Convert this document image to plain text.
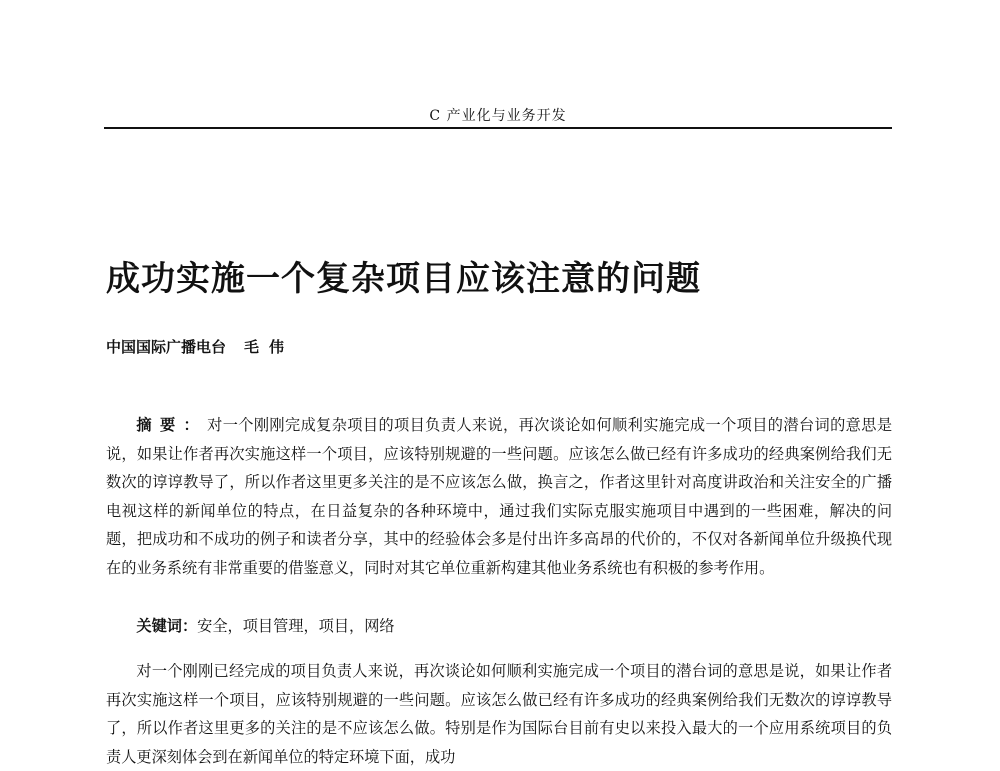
C 产业化与业务开发
成功实施一个复杂项目应该注意的问题
中国国际广播电台 毛伟
摘要：对一个刚刚完成复杂项目的项目负责人来说，再次谈论如何顺利实施完成一个项目的潜台词的意思是说，如果让作者再次实施这样一个项目，应该特别规避的一些问题。应该怎么做已经有许多成功的经典案例给我们无数次的谆谆教导了，所以作者这里更多关注的是不应该怎么做，换言之，作者这里针对高度讲政治和关注安全的广播电视这样的新闻单位的特点，在日益复杂的各种环境中，通过我们实际克服实施项目中遇到的一些困难，解决的问题，把成功和不成功的例子和读者分享，其中的经验体会多是付出许多高昂的代价的，不仅对各新闻单位升级换代现在的业务系统有非常重要的借鉴意义，同时对其它单位重新构建其他业务系统也有积极的参考作用。
关键词：安全，项目管理，项目，网络
对一个刚刚已经完成的项目负责人来说，再次谈论如何顺利实施完成一个项目的潜台词的意思是说，如果让作者再次实施这样一个项目，应该特别规避的一些问题。应该怎么做已经有许多成功的经典案例给我们无数次的谆谆教导了，所以作者这里更多的关注的是不应该怎么做。特别是作为国际台目前有史以来投入最大的一个应用系统项目的负责人更深刻体会到在新闻单位的特定环境下面，成功
